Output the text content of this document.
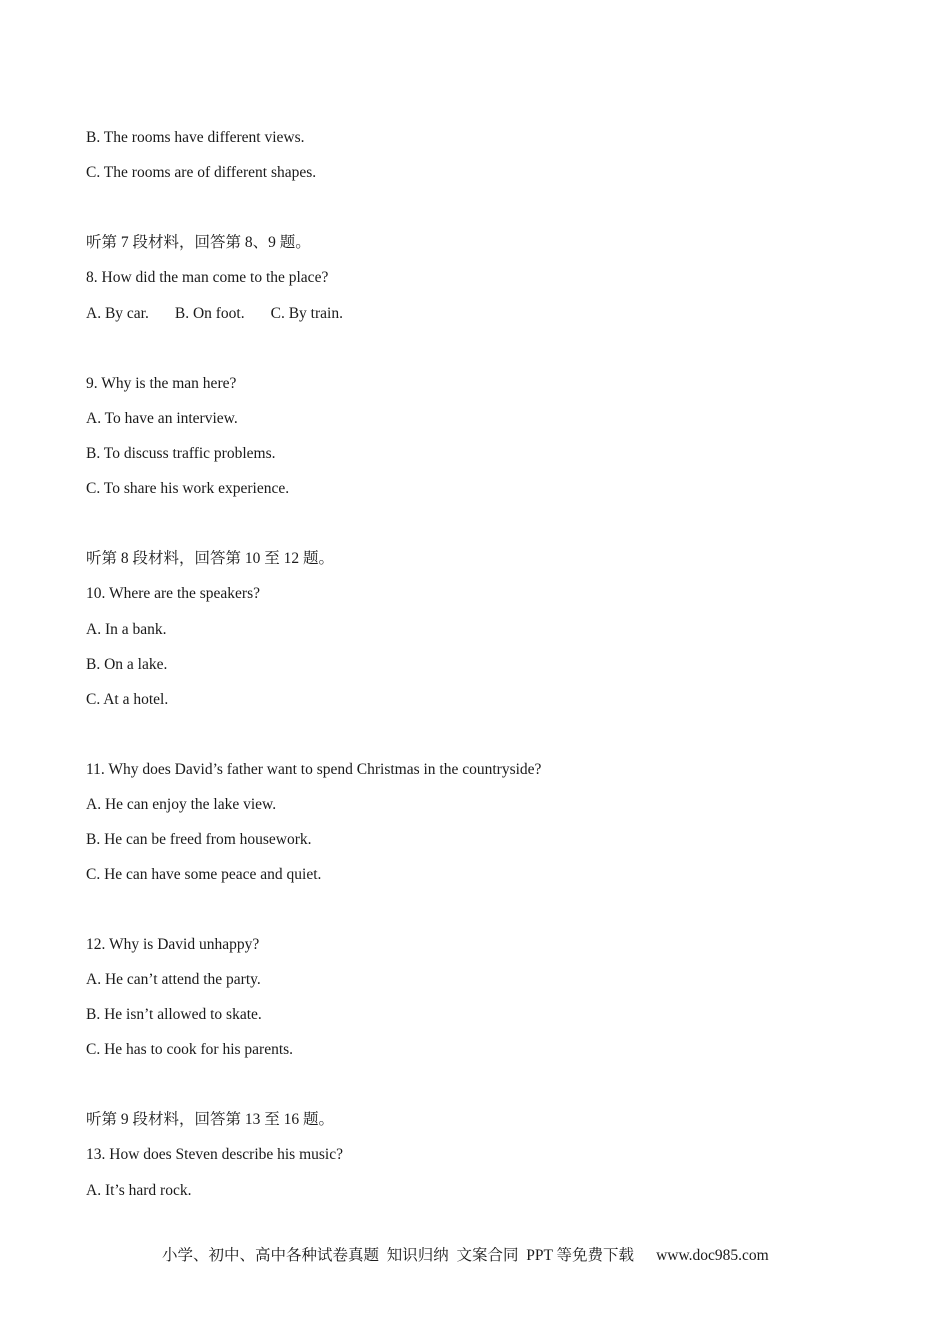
B. The rooms have different views.

C. The rooms are of different shapes.

听第 7 段材料，回答第 8、9 题。

8. How did the man come to the place?

A. By car. B. On foot. C. By train.

9. Why is the man here?

A. To have an interview.

B. To discuss traffic problems.

C. To share his work experience.

听第 8 段材料，回答第 10 至 12 题。

10. Where are the speakers?

A. In a bank.

B. On a lake.

C. At a hotel.

11. Why does David’s father want to spend Christmas in the countryside?

A. He can enjoy the lake view.

B. He can be freed from housework.

C. He can have some peace and quiet.

12. Why is David unhappy?

A. He can’t attend the party.

B. He isn’t allowed to skate.

C. He has to cook for his parents.

听第 9 段材料，回答第 13 至 16 题。

13. How does Steven describe his music?

A. It’s hard rock.

小学、初中、高中各种试卷真题  知识归纳  文案合同  PPT 等免费下载 www.doc985.com
